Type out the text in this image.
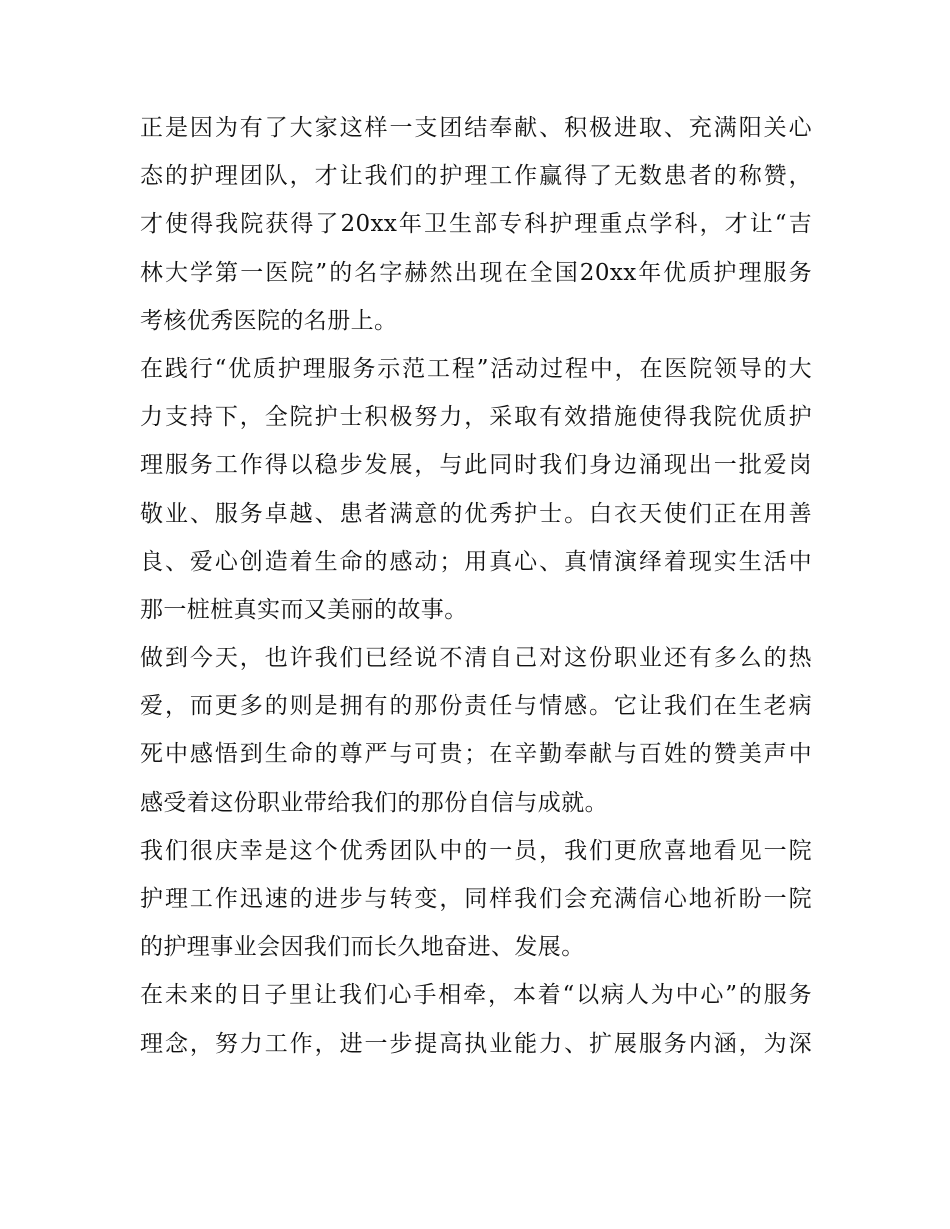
正是因为有了大家这样一支团结奉献、积极进取、充满阳关心
态的护理团队，才让我们的护理工作赢得了无数患者的称赞，
才使得我院获得了20xx年卫生部专科护理重点学科，才让“吉
林大学第一医院”的名字赫然出现在全国20xx年优质护理服务
考核优秀医院的名册上。
在践行“优质护理服务示范工程”活动过程中，在医院领导的大
力支持下，全院护士积极努力，采取有效措施使得我院优质护
理服务工作得以稳步发展，与此同时我们身边涌现出一批爱岗
敬业、服务卓越、患者满意的优秀护士。白衣天使们正在用善
良、爱心创造着生命的感动；用真心、真情演绎着现实生活中
那一桩桩真实而又美丽的故事。
做到今天，也许我们已经说不清自己对这份职业还有多么的热
爱，而更多的则是拥有的那份责任与情感。它让我们在生老病
死中感悟到生命的尊严与可贵；在辛勤奉献与百姓的赞美声中
感受着这份职业带给我们的那份自信与成就。
我们很庆幸是这个优秀团队中的一员，我们更欣喜地看见一院
护理工作迅速的进步与转变，同样我们会充满信心地祈盼一院
的护理事业会因我们而长久地奋进、发展。
在未来的日子里让我们心手相牵，本着“以病人为中心”的服务
理念，努力工作，进一步提高执业能力、扩展服务内涵，为深
